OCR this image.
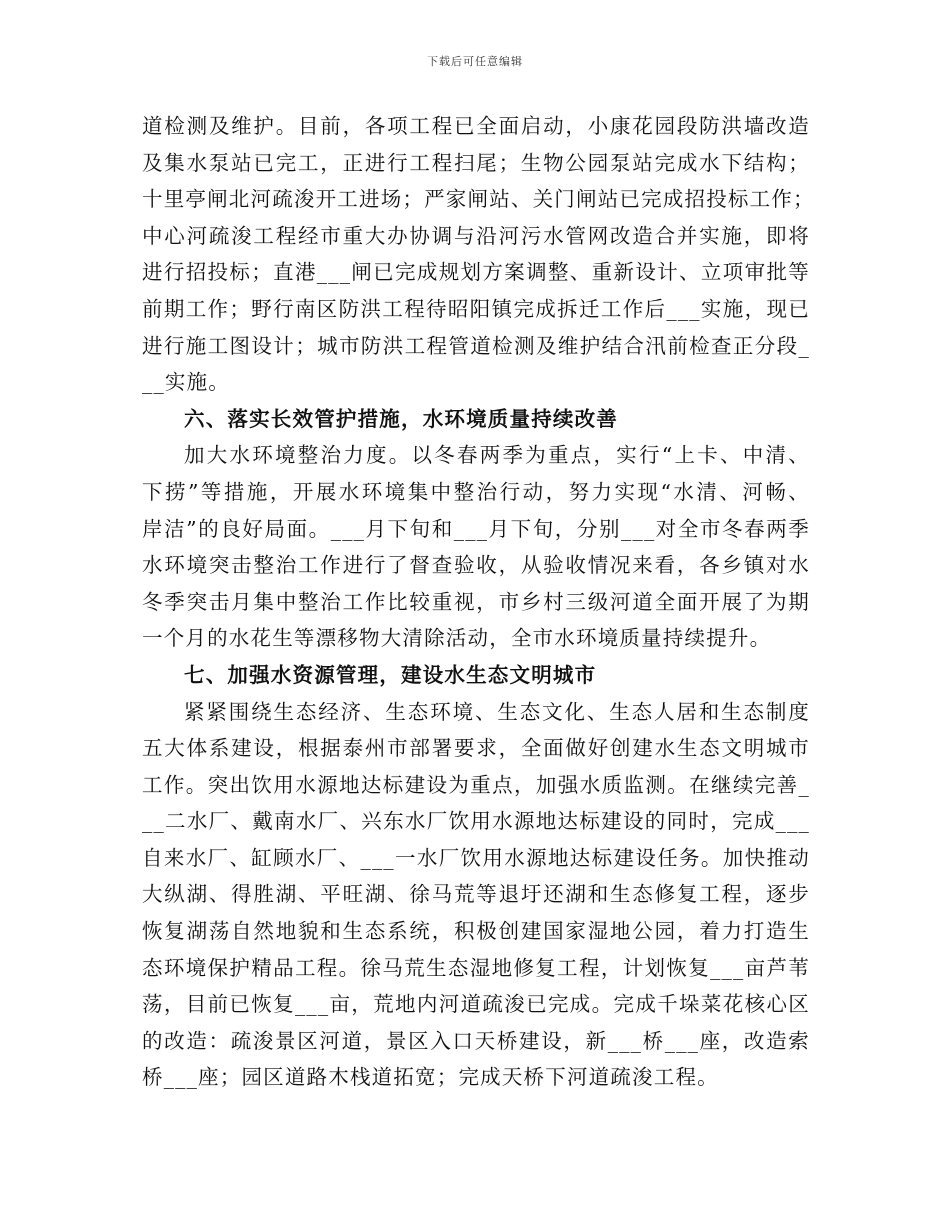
下载后可任意编辑
道检测及维护。目前，各项工程已全面启动，小康花园段防洪墙改造
及集水泵站已完工，正进行工程扫尾；生物公园泵站完成水下结构；
十里亭闸北河疏浚开工进场；严家闸站、关门闸站已完成招投标工作；
中心河疏浚工程经市重大办协调与沿河污水管网改造合并实施，即将
进行招投标；直港___闸已完成规划方案调整、重新设计、立项审批等
前期工作；野行南区防洪工程待昭阳镇完成拆迁工作后___实施，现已
进行施工图设计；城市防洪工程管道检测及维护结合汛前检查正分段_
__实施。
六、落实长效管护措施，水环境质量持续改善
加大水环境整治力度。以冬春两季为重点，实行“上卡、中清、
下捞”等措施，开展水环境集中整治行动，努力实现“水清、河畅、
岸洁”的良好局面。___月下旬和___月下旬，分别___对全市冬春两季
水环境突击整治工作进行了督查验收，从验收情况来看，各乡镇对水
冬季突击月集中整治工作比较重视，市乡村三级河道全面开展了为期
一个月的水花生等漂移物大清除活动，全市水环境质量持续提升。
七、加强水资源管理，建设水生态文明城市
紧紧围绕生态经济、生态环境、生态文化、生态人居和生态制度
五大体系建设，根据泰州市部署要求，全面做好创建水生态文明城市
工作。突出饮用水源地达标建设为重点，加强水质监测。在继续完善_
__二水厂、戴南水厂、兴东水厂饮用水源地达标建设的同时，完成___
自来水厂、缸顾水厂、___一水厂饮用水源地达标建设任务。加快推动
大纵湖、得胜湖、平旺湖、徐马荒等退圩还湖和生态修复工程，逐步
恢复湖荡自然地貌和生态系统，积极创建国家湿地公园，着力打造生
态环境保护精品工程。徐马荒生态湿地修复工程，计划恢复___亩芦苇
荡，目前已恢复___亩，荒地内河道疏浚已完成。完成千垛菜花核心区
的改造：疏浚景区河道，景区入口天桥建设，新___桥___座，改造索
桥___座；园区道路木栈道拓宽；完成天桥下河道疏浚工程。
